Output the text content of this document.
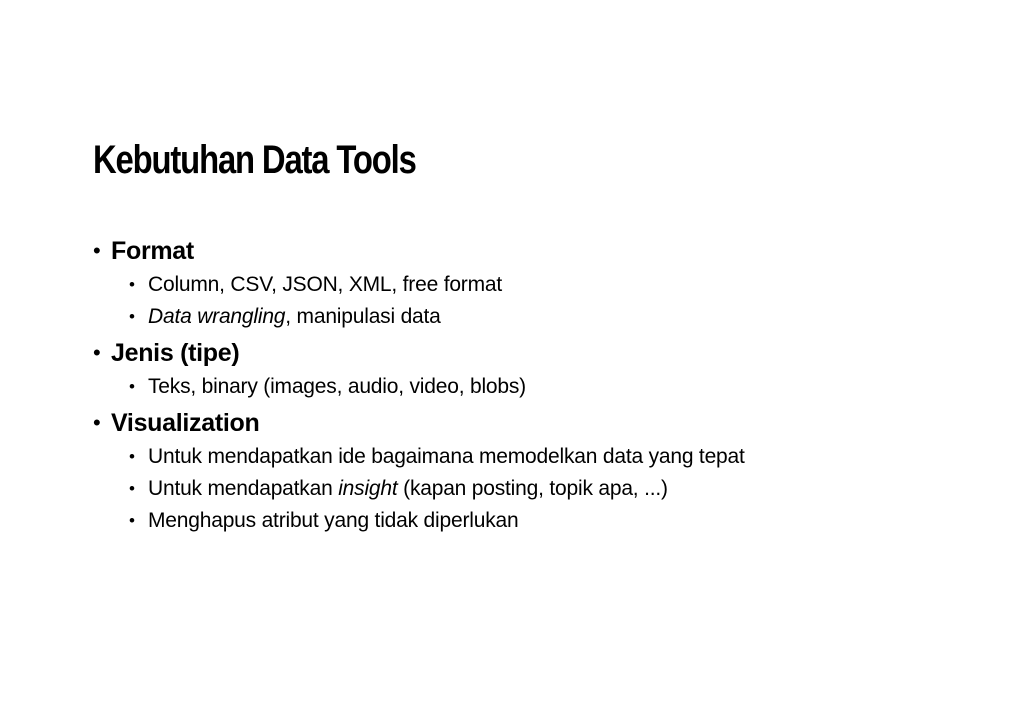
Kebutuhan Data Tools
• Format
• Column, CSV, JSON, XML, free format
• Data wrangling, manipulasi data
• Jenis (tipe)
• Teks, binary (images, audio, video, blobs)
• Visualization
• Untuk mendapatkan ide bagaimana memodelkan data yang tepat
• Untuk mendapatkan insight (kapan posting, topik apa, ...)
• Menghapus atribut yang tidak diperlukan
